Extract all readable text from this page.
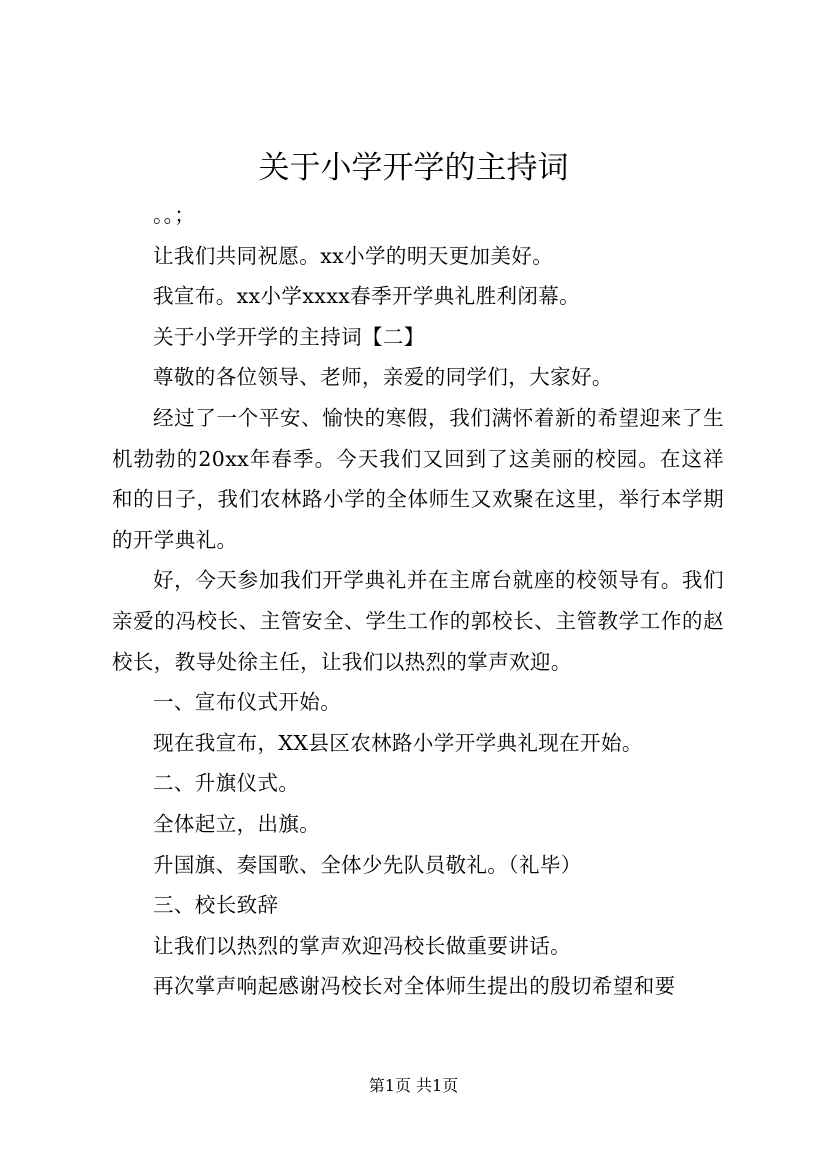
关于小学开学的主持词

。。；

让我们共同祝愿。xx小学的明天更加美好。

我宣布。xx小学xxxx春季开学典礼胜利闭幕。

关于小学开学的主持词【二】

尊敬的各位领导、老师，亲爱的同学们，大家好。

经过了一个平安、愉快的寒假，我们满怀着新的希望迎来了生机勃勃的20xx年春季。今天我们又回到了这美丽的校园。在这祥和的日子，我们农林路小学的全体师生又欢聚在这里，举行本学期的开学典礼。

好，今天参加我们开学典礼并在主席台就座的校领导有。我们亲爱的冯校长、主管安全、学生工作的郭校长、主管教学工作的赵校长，教导处徐主任，让我们以热烈的掌声欢迎。

一、宣布仪式开始。

现在我宣布，XX县区农林路小学开学典礼现在开始。

二、升旗仪式。

全体起立，出旗。

升国旗、奏国歌、全体少先队员敬礼。（礼毕）

三、校长致辞

让我们以热烈的掌声欢迎冯校长做重要讲话。

再次掌声响起感谢冯校长对全体师生提出的殷切希望和要

第1页 共1页
